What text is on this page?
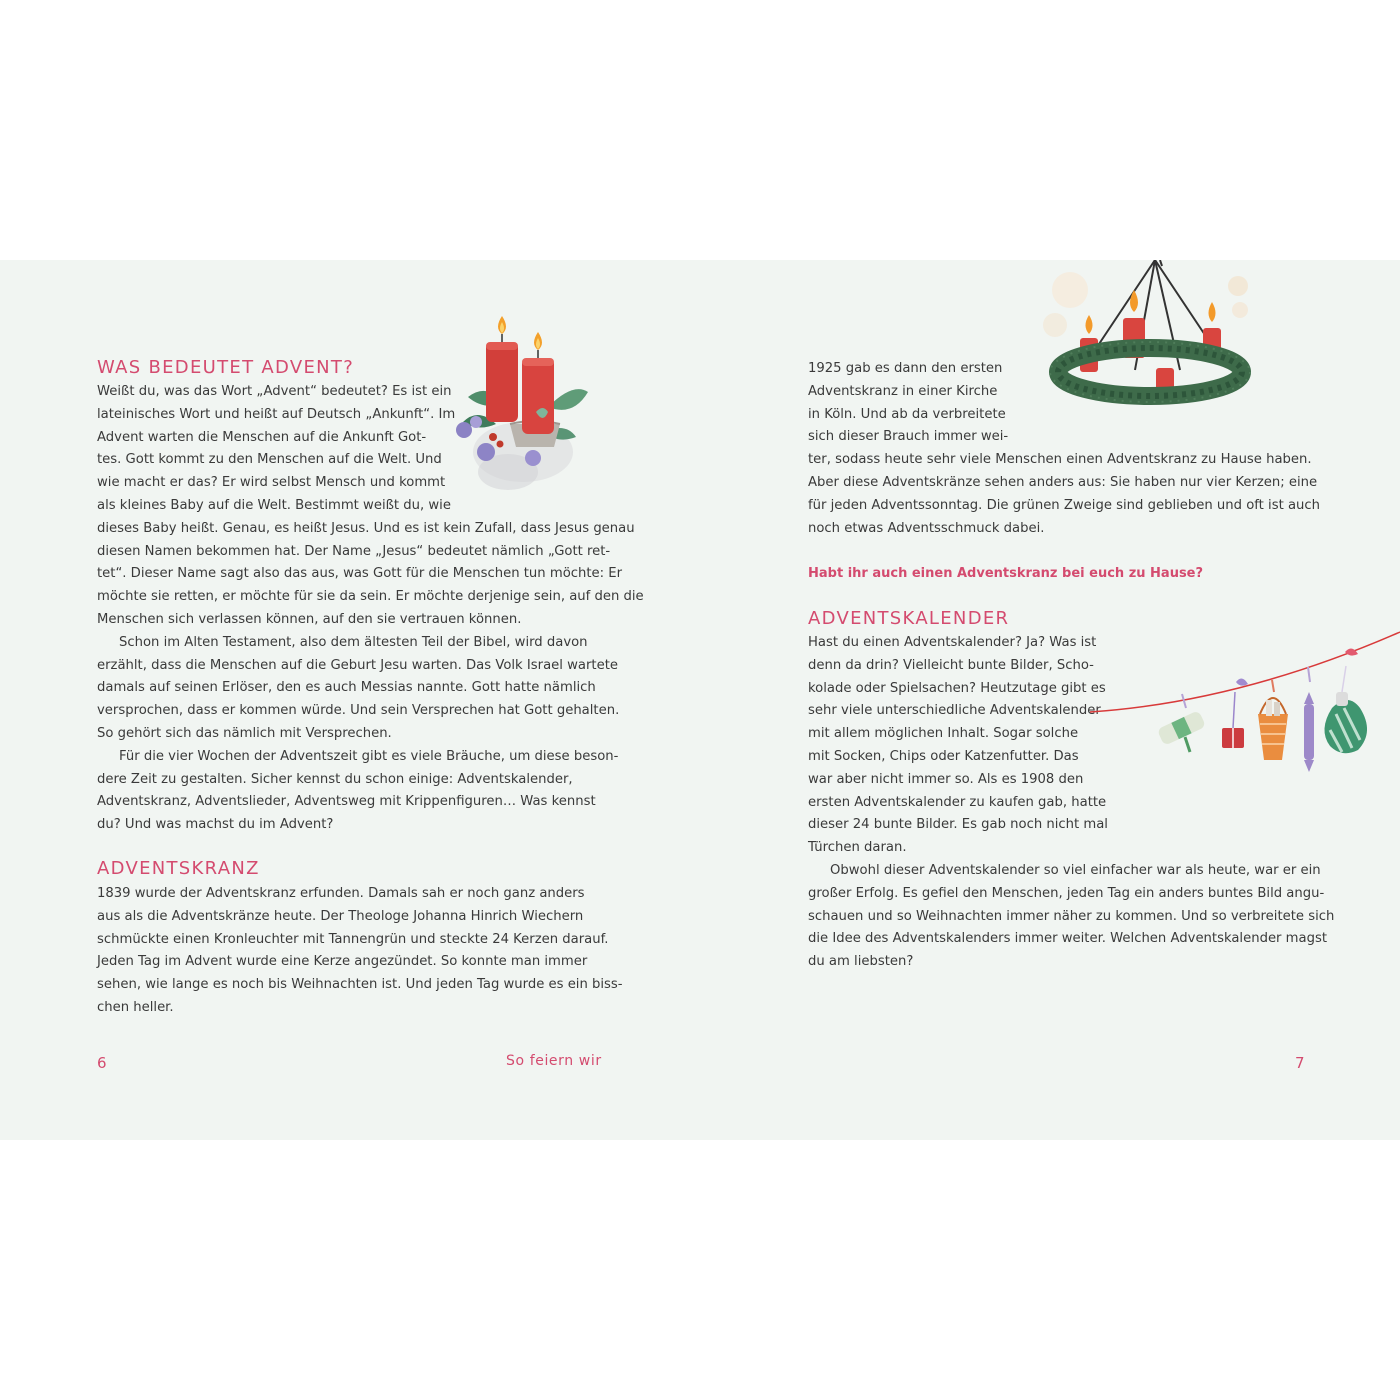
WAS BEDEUTET ADVENT?
Weißt du, was das Wort „Advent“ bedeutet? Es ist ein
lateinisches Wort und heißt auf Deutsch „Ankunft“. Im
Advent warten die Menschen auf die Ankunft Got-
tes. Gott kommt zu den Menschen auf die Welt. Und
wie macht er das? Er wird selbst Mensch und kommt
als kleines Baby auf die Welt. Bestimmt weißt du, wie
dieses Baby heißt. Genau, es heißt Jesus. Und es ist kein Zufall, dass Jesus genau
diesen Namen bekommen hat. Der Name „Jesus“ bedeutet nämlich „Gott ret-
tet“. Dieser Name sagt also das aus, was Gott für die Menschen tun möchte: Er
möchte sie retten, er möchte für sie da sein. Er möchte derjenige sein, auf den die
Menschen sich verlassen können, auf den sie vertrauen können.
Schon im Alten Testament, also dem ältesten Teil der Bibel, wird davon
erzählt, dass die Menschen auf die Geburt Jesu warten. Das Volk Israel wartete
damals auf seinen Erlöser, den es auch Messias nannte. Gott hatte nämlich
versprochen, dass er kommen würde. Und sein Versprechen hat Gott gehalten.
So gehört sich das nämlich mit Versprechen.
Für die vier Wochen der Adventszeit gibt es viele Bräuche, um diese beson-
dere Zeit zu gestalten. Sicher kennst du schon einige: Adventskalender,
Adventskranz, Adventslieder, Adventsweg mit Krippenfiguren… Was kennst
du? Und was machst du im Advent?
ADVENTSKRANZ
1839 wurde der Adventskranz erfunden. Damals sah er noch ganz anders
aus als die Adventskränze heute. Der Theologe Johanna Hinrich Wiechern
schmückte einen Kronleuchter mit Tannengrün und steckte 24 Kerzen darauf.
Jeden Tag im Advent wurde eine Kerze angezündet. So konnte man immer
sehen, wie lange es noch bis Weihnachten ist. Und jeden Tag wurde es ein biss-
chen heller.
6	So feiern wir
1925 gab es dann den ersten
Adventskranz in einer Kirche
in Köln. Und ab da verbreitete
sich dieser Brauch immer wei-
ter, sodass heute sehr viele Menschen einen Adventskranz zu Hause haben.
Aber diese Adventskränze sehen anders aus: Sie haben nur vier Kerzen; eine
für jeden Adventssonntag. Die grünen Zweige sind geblieben und oft ist auch
noch etwas Adventsschmuck dabei.
Habt ihr auch einen Adventskranz bei euch zu Hause?
ADVENTSKALENDER
Hast du einen Adventskalender? Ja? Was ist
denn da drin? Vielleicht bunte Bilder, Scho-
kolade oder Spielsachen? Heutzutage gibt es
sehr viele unterschiedliche Adventskalender
mit allem möglichen Inhalt. Sogar solche
mit Socken, Chips oder Katzenfutter. Das
war aber nicht immer so. Als es 1908 den
ersten Adventskalender zu kaufen gab, hatte
dieser 24 bunte Bilder. Es gab noch nicht mal
Türchen daran.
Obwohl dieser Adventskalender so viel einfacher war als heute, war er ein
großer Erfolg. Es gefiel den Menschen, jeden Tag ein anders buntes Bild angu-
schauen und so Weihnachten immer näher zu kommen. Und so verbreitete sich
die Idee des Adventskalenders immer weiter. Welchen Adventskalender magst
du am liebsten?
7
